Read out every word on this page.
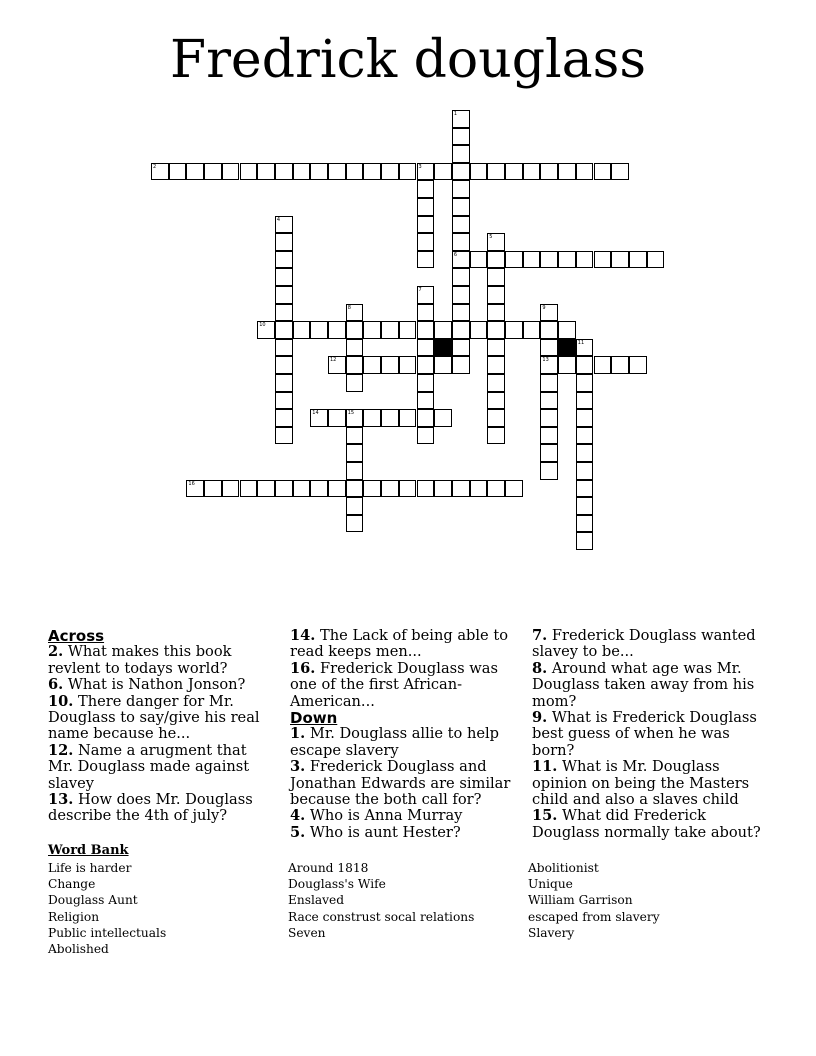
Fredrick douglass
2	3
6
10
12	13
14	15
16
1
4
5
7
8	9
11
Across
2. What makes this book revlent to todays world?
6. What is Nathon Jonson?
10. There danger for Mr. Douglass to say/give his real name because he...
12. Name a arugment that Mr. Douglass made against slavey
13. How does Mr. Douglass describe the 4th of july?
14. The Lack of being able to read keeps men...
16. Frederick Douglass was one of the first African-American...
Down
1. Mr. Douglass allie to help escape slavery
3. Frederick Douglass and Jonathan Edwards are similar because the both call for?
4. Who is Anna Murray
5. Who is aunt Hester?
7. Frederick Douglass wanted slavey to be...
8. Around what age was Mr. Douglass taken away from his mom?
9. What is Frederick Douglass best guess of when he was born?
11. What is Mr. Douglass opinion on being the Masters child and also a slaves child
15. What did Frederick Douglass normally take about?
Word Bank
Life is harder
Change
Douglass Aunt
Religion
Public intellectuals
Abolished
Around 1818
Douglass's Wife
Enslaved
Race construst socal relations
Seven
Abolitionist
Unique
William Garrison
escaped from slavery
Slavery
